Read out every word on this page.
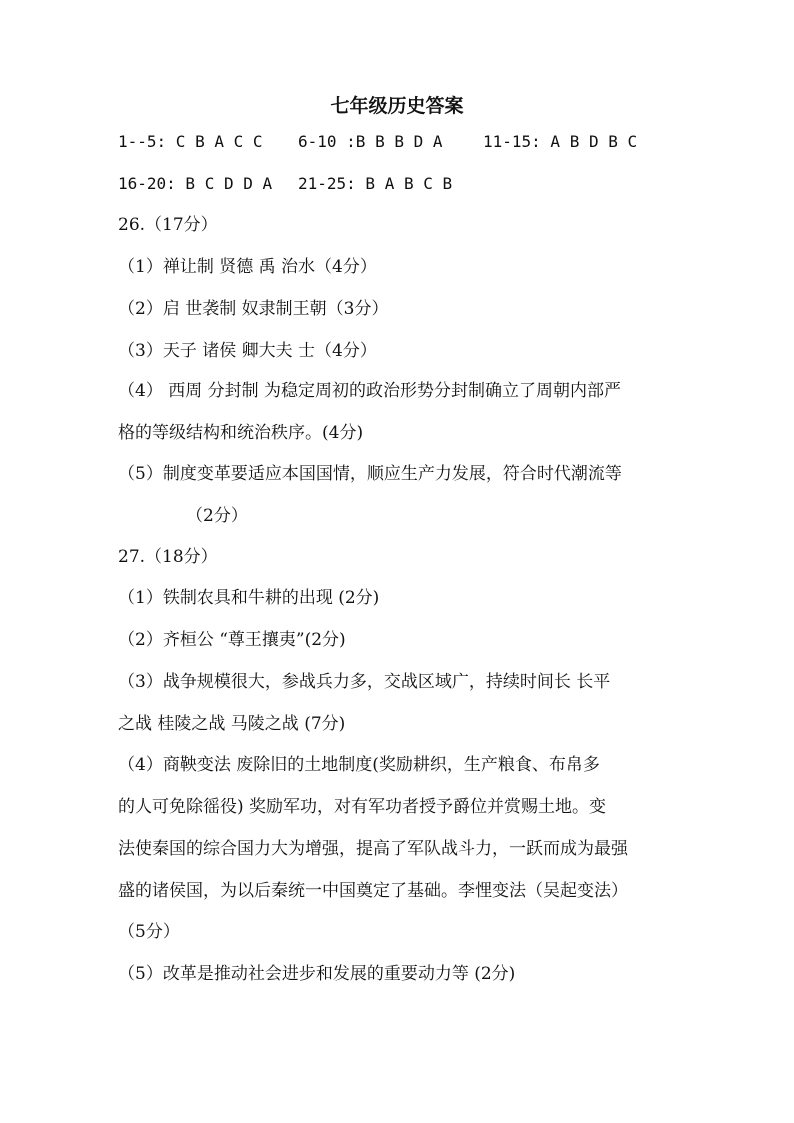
七年级历史答案
1--5: C B A C C 6-10 :B B B D A	11-15: A B D B C
16-20: B C D D A 21-25: B A B C B
26.（17分）
（1）禅让制 贤德 禹 治水（4分）
（2）启 世袭制 奴隶制王朝（3分）
（3）天子 诸侯 卿大夫 士（4分）
（4） 西周 分封制 为稳定周初的政治形势分封制确立了周朝内部严
格的等级结构和统治秩序。(4分)
（5）制度变革要适应本国国情，顺应生产力发展，符合时代潮流等
（2分）
27.（18分）
（1）铁制农具和牛耕的出现 (2分)
（2）齐桓公 “尊王攘夷”(2分)
（3）战争规模很大，参战兵力多，交战区域广，持续时间长 长平
之战 桂陵之战 马陵之战 (7分)
（4）商鞅变法 废除旧的土地制度(奖励耕织，生产粮食、布帛多
的人可免除徭役) 奖励军功，对有军功者授予爵位并赏赐土地。变
法使秦国的综合国力大为增强，提高了军队战斗力，一跃而成为最强
盛的诸侯国，为以后秦统一中国奠定了基础。李悝变法（吴起变法）
（5分）
（5）改革是推动社会进步和发展的重要动力等 (2分)
